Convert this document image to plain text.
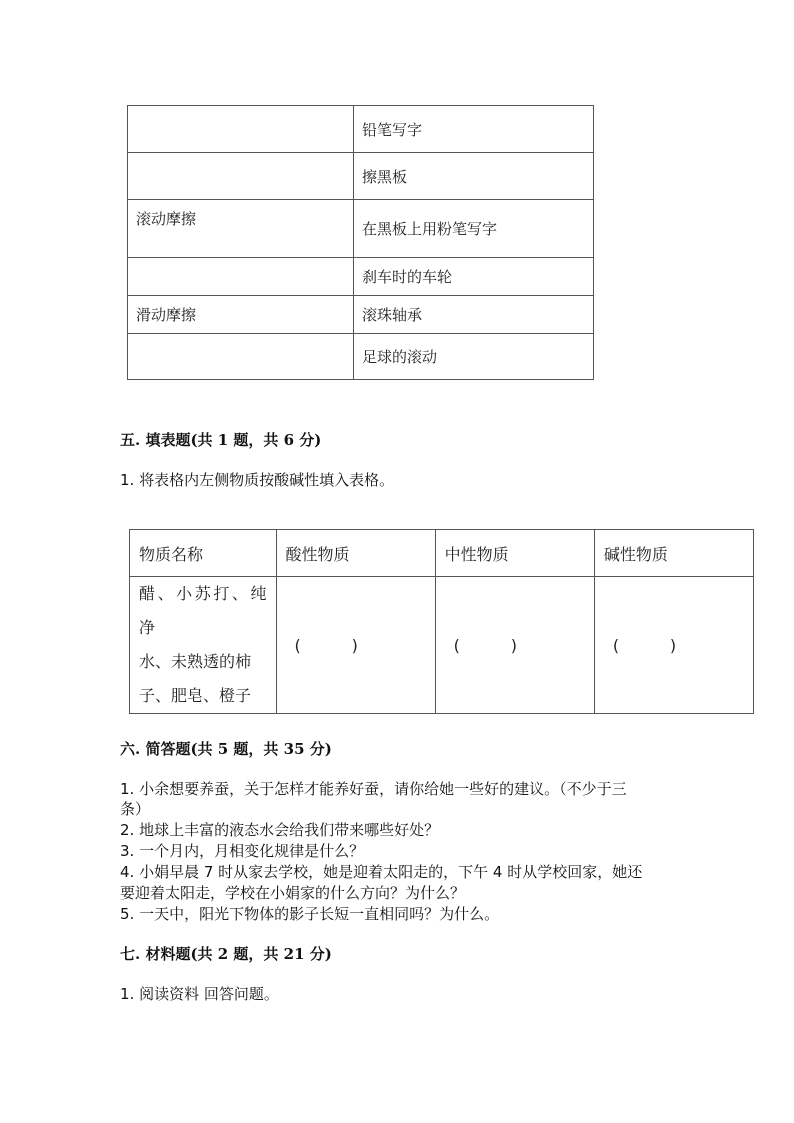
	铅笔写字
	擦黑板
滚动摩擦	在黑板上用粉笔写字
	刹车时的车轮
滑动摩擦	滚珠轴承
	足球的滚动
五. 填表题(共 1 题，共 6 分)
1. 将表格内左侧物质按酸碱性填入表格。
物质名称	酸性物质	中性物质	碱性物质

醋、小苏打、纯净
水、未熟透的柿
子、肥皂、橙子	(          )	(          )	(          )
六. 简答题(共 5 题，共 35 分)
1. 小余想要养蚕，关于怎样才能养好蚕，请你给她一些好的建议。（不少于三
条）
2. 地球上丰富的液态水会给我们带来哪些好处？
3. 一个月内，月相变化规律是什么？
4. 小娟早晨 7 时从家去学校，她是迎着太阳走的，下午 4 时从学校回家，她还
要迎着太阳走，学校在小娟家的什么方向？为什么？
5. 一天中，阳光下物体的影子长短一直相同吗？为什么。
七. 材料题(共 2 题，共 21 分)
1. 阅读资料 回答问题。
